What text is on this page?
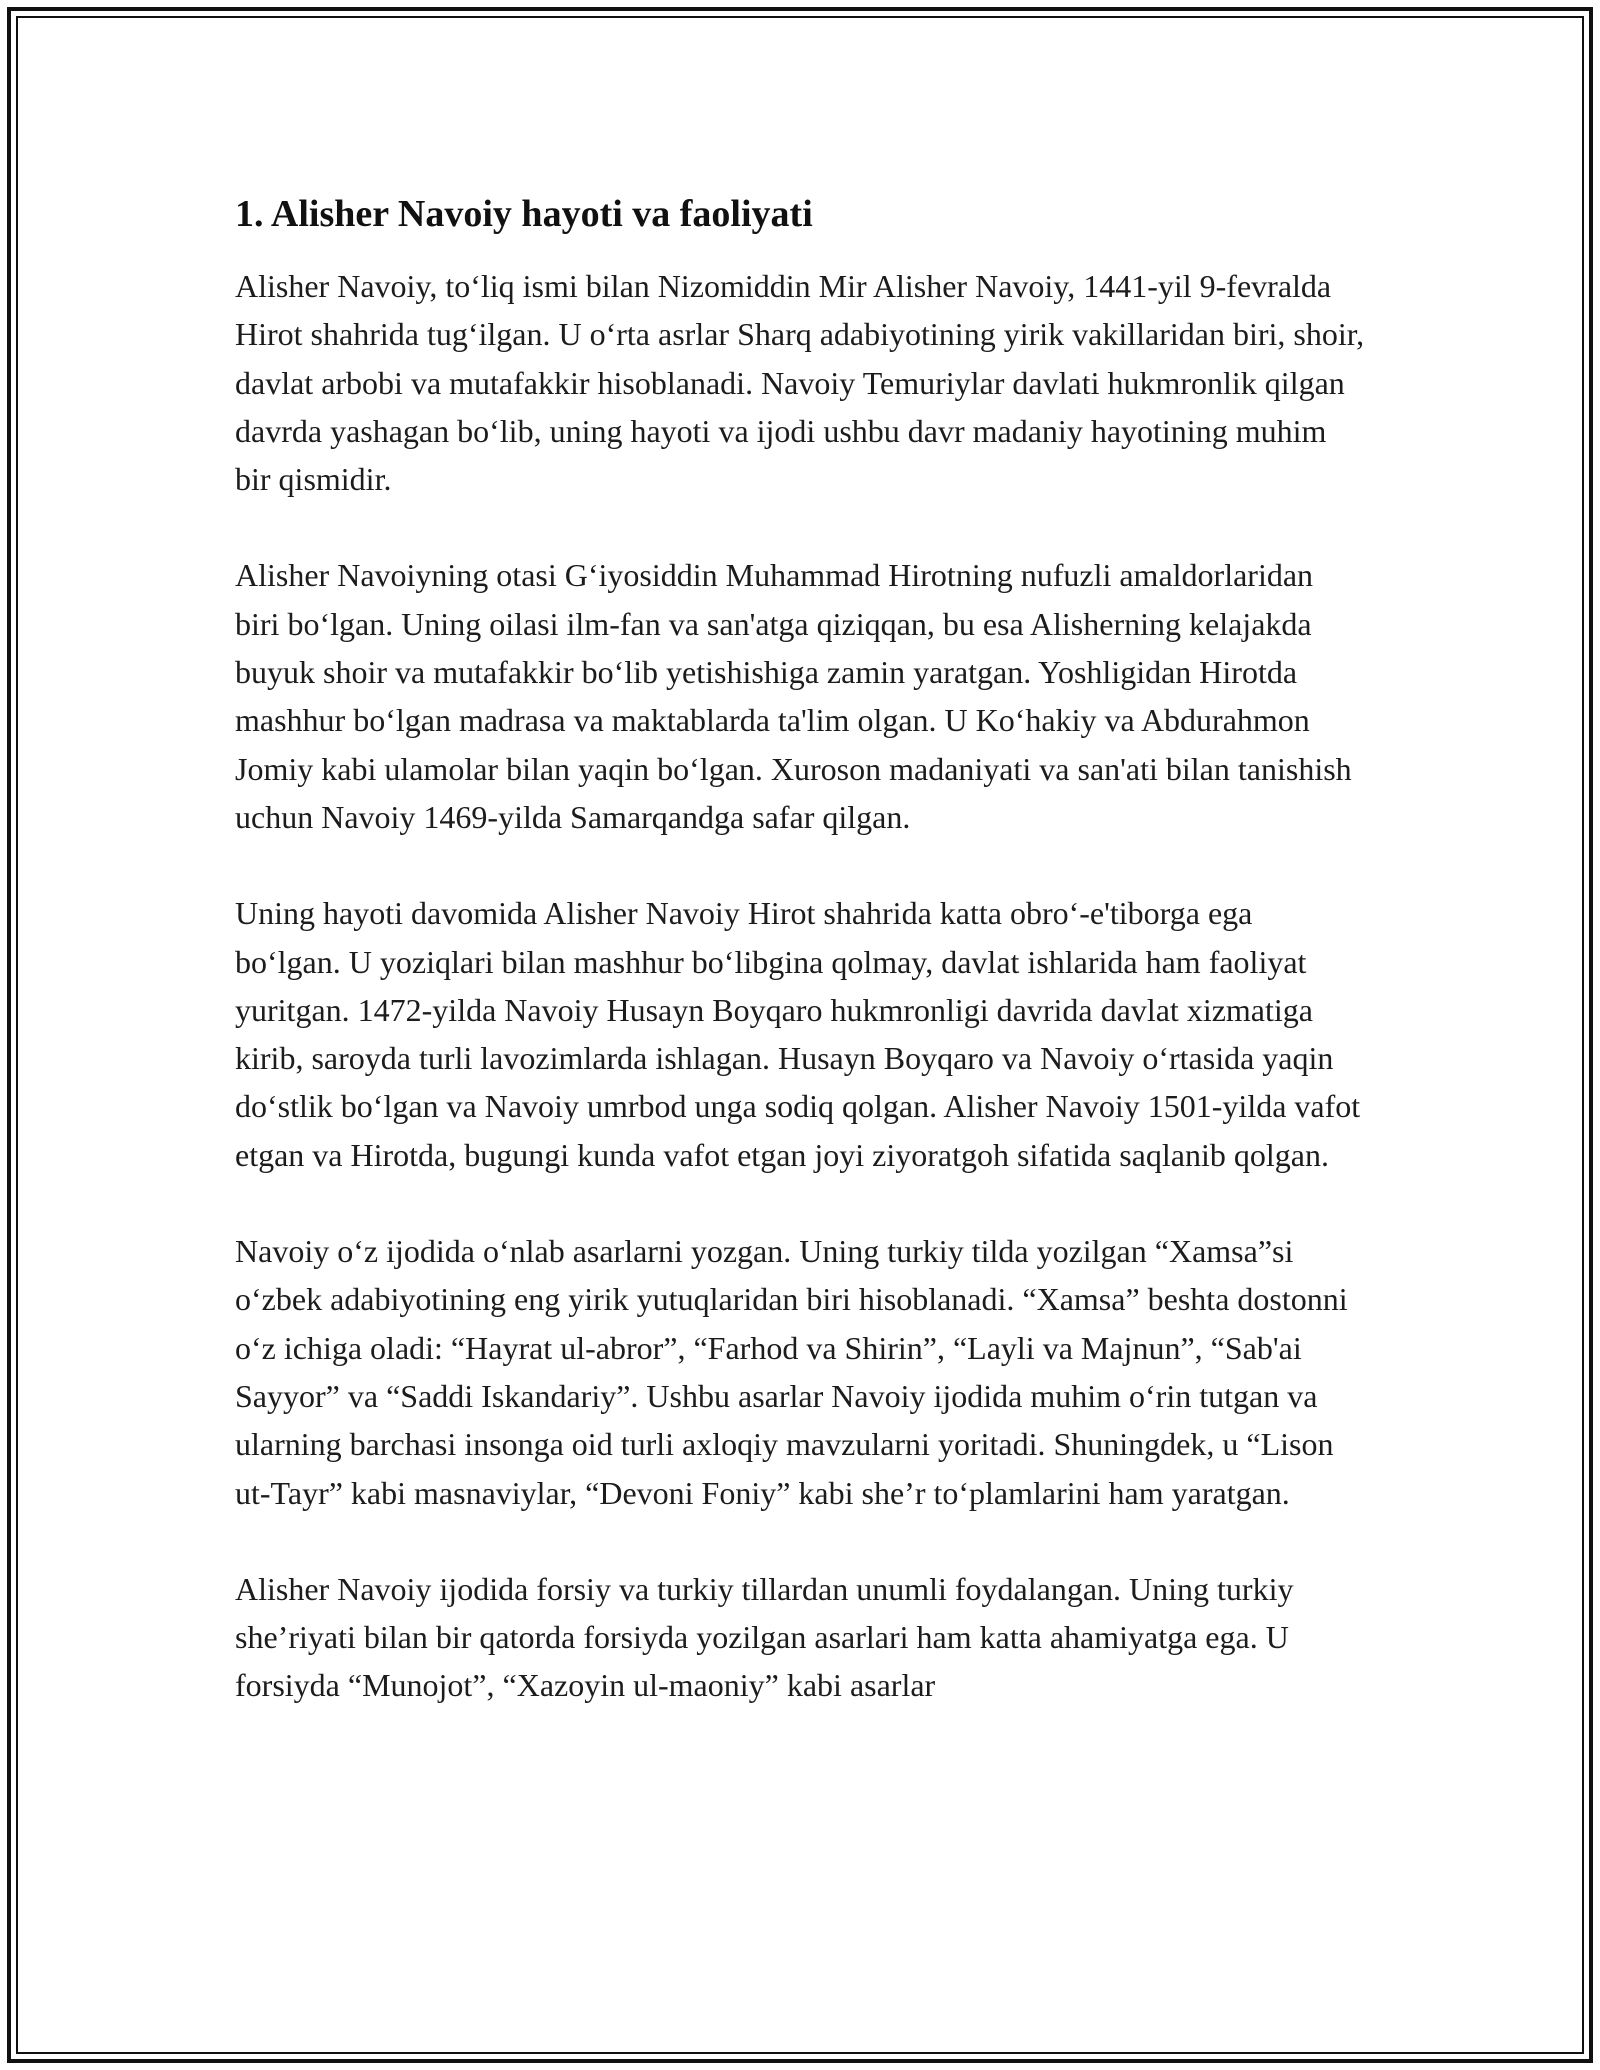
1. Alisher Navoiy hayoti va faoliyati

Alisher Navoiy, to‘liq ismi bilan Nizomiddin Mir Alisher Navoiy, 1441-yil 9-fevralda Hirot shahrida tug‘ilgan. U o‘rta asrlar Sharq adabiyotining yirik vakillaridan biri, shoir, davlat arbobi va mutafakkir hisoblanadi. Navoiy Temuriylar davlati hukmronlik qilgan davrda yashagan bo‘lib, uning hayoti va ijodi ushbu davr madaniy hayotining muhim bir qismidir.

Alisher Navoiyning otasi G‘iyosiddin Muhammad Hirotning nufuzli amaldorlaridan biri bo‘lgan. Uning oilasi ilm-fan va san'atga qiziqqan, bu esa Alisherning kelajakda buyuk shoir va mutafakkir bo‘lib yetishishiga zamin yaratgan. Yoshligidan Hirotda mashhur bo‘lgan madrasa va maktablarda ta'lim olgan. U Ko‘hakiy va Abdurahmon Jomiy kabi ulamolar bilan yaqin bo‘lgan. Xuroson madaniyati va san'ati bilan tanishish uchun Navoiy 1469-yilda Samarqandga safar qilgan.

Uning hayoti davomida Alisher Navoiy Hirot shahrida katta obro‘-e'tiborga ega bo‘lgan. U yoziqlari bilan mashhur bo‘libgina qolmay, davlat ishlarida ham faoliyat yuritgan. 1472-yilda Navoiy Husayn Boyqaro hukmronligi davrida davlat xizmatiga kirib, saroyda turli lavozimlarda ishlagan. Husayn Boyqaro va Navoiy o‘rtasida yaqin do‘stlik bo‘lgan va Navoiy umrbod unga sodiq qolgan. Alisher Navoiy 1501-yilda vafot etgan va Hirotda, bugungi kunda vafot etgan joyi ziyoratgoh sifatida saqlanib qolgan.

Navoiy o‘z ijodida o‘nlab asarlarni yozgan. Uning turkiy tilda yozilgan “Xamsa”si o‘zbek adabiyotining eng yirik yutuqlaridan biri hisoblanadi. “Xamsa” beshta dostonni o‘z ichiga oladi: “Hayrat ul-abror”, “Farhod va Shirin”, “Layli va Majnun”, “Sab'ai Sayyor” va “Saddi Iskandariy”. Ushbu asarlar Navoiy ijodida muhim o‘rin tutgan va ularning barchasi insonga oid turli axloqiy mavzularni yoritadi. Shuningdek, u “Lison ut-Tayr” kabi masnaviylar, “Devoni Foniy” kabi she’r to‘plamlarini ham yaratgan.

Alisher Navoiy ijodida forsiy va turkiy tillardan unumli foydalangan. Uning turkiy she’riyati bilan bir qatorda forsiyda yozilgan asarlari ham katta ahamiyatga ega. U forsiyda “Munojot”, “Xazoyin ul-maoniy” kabi asarlar
